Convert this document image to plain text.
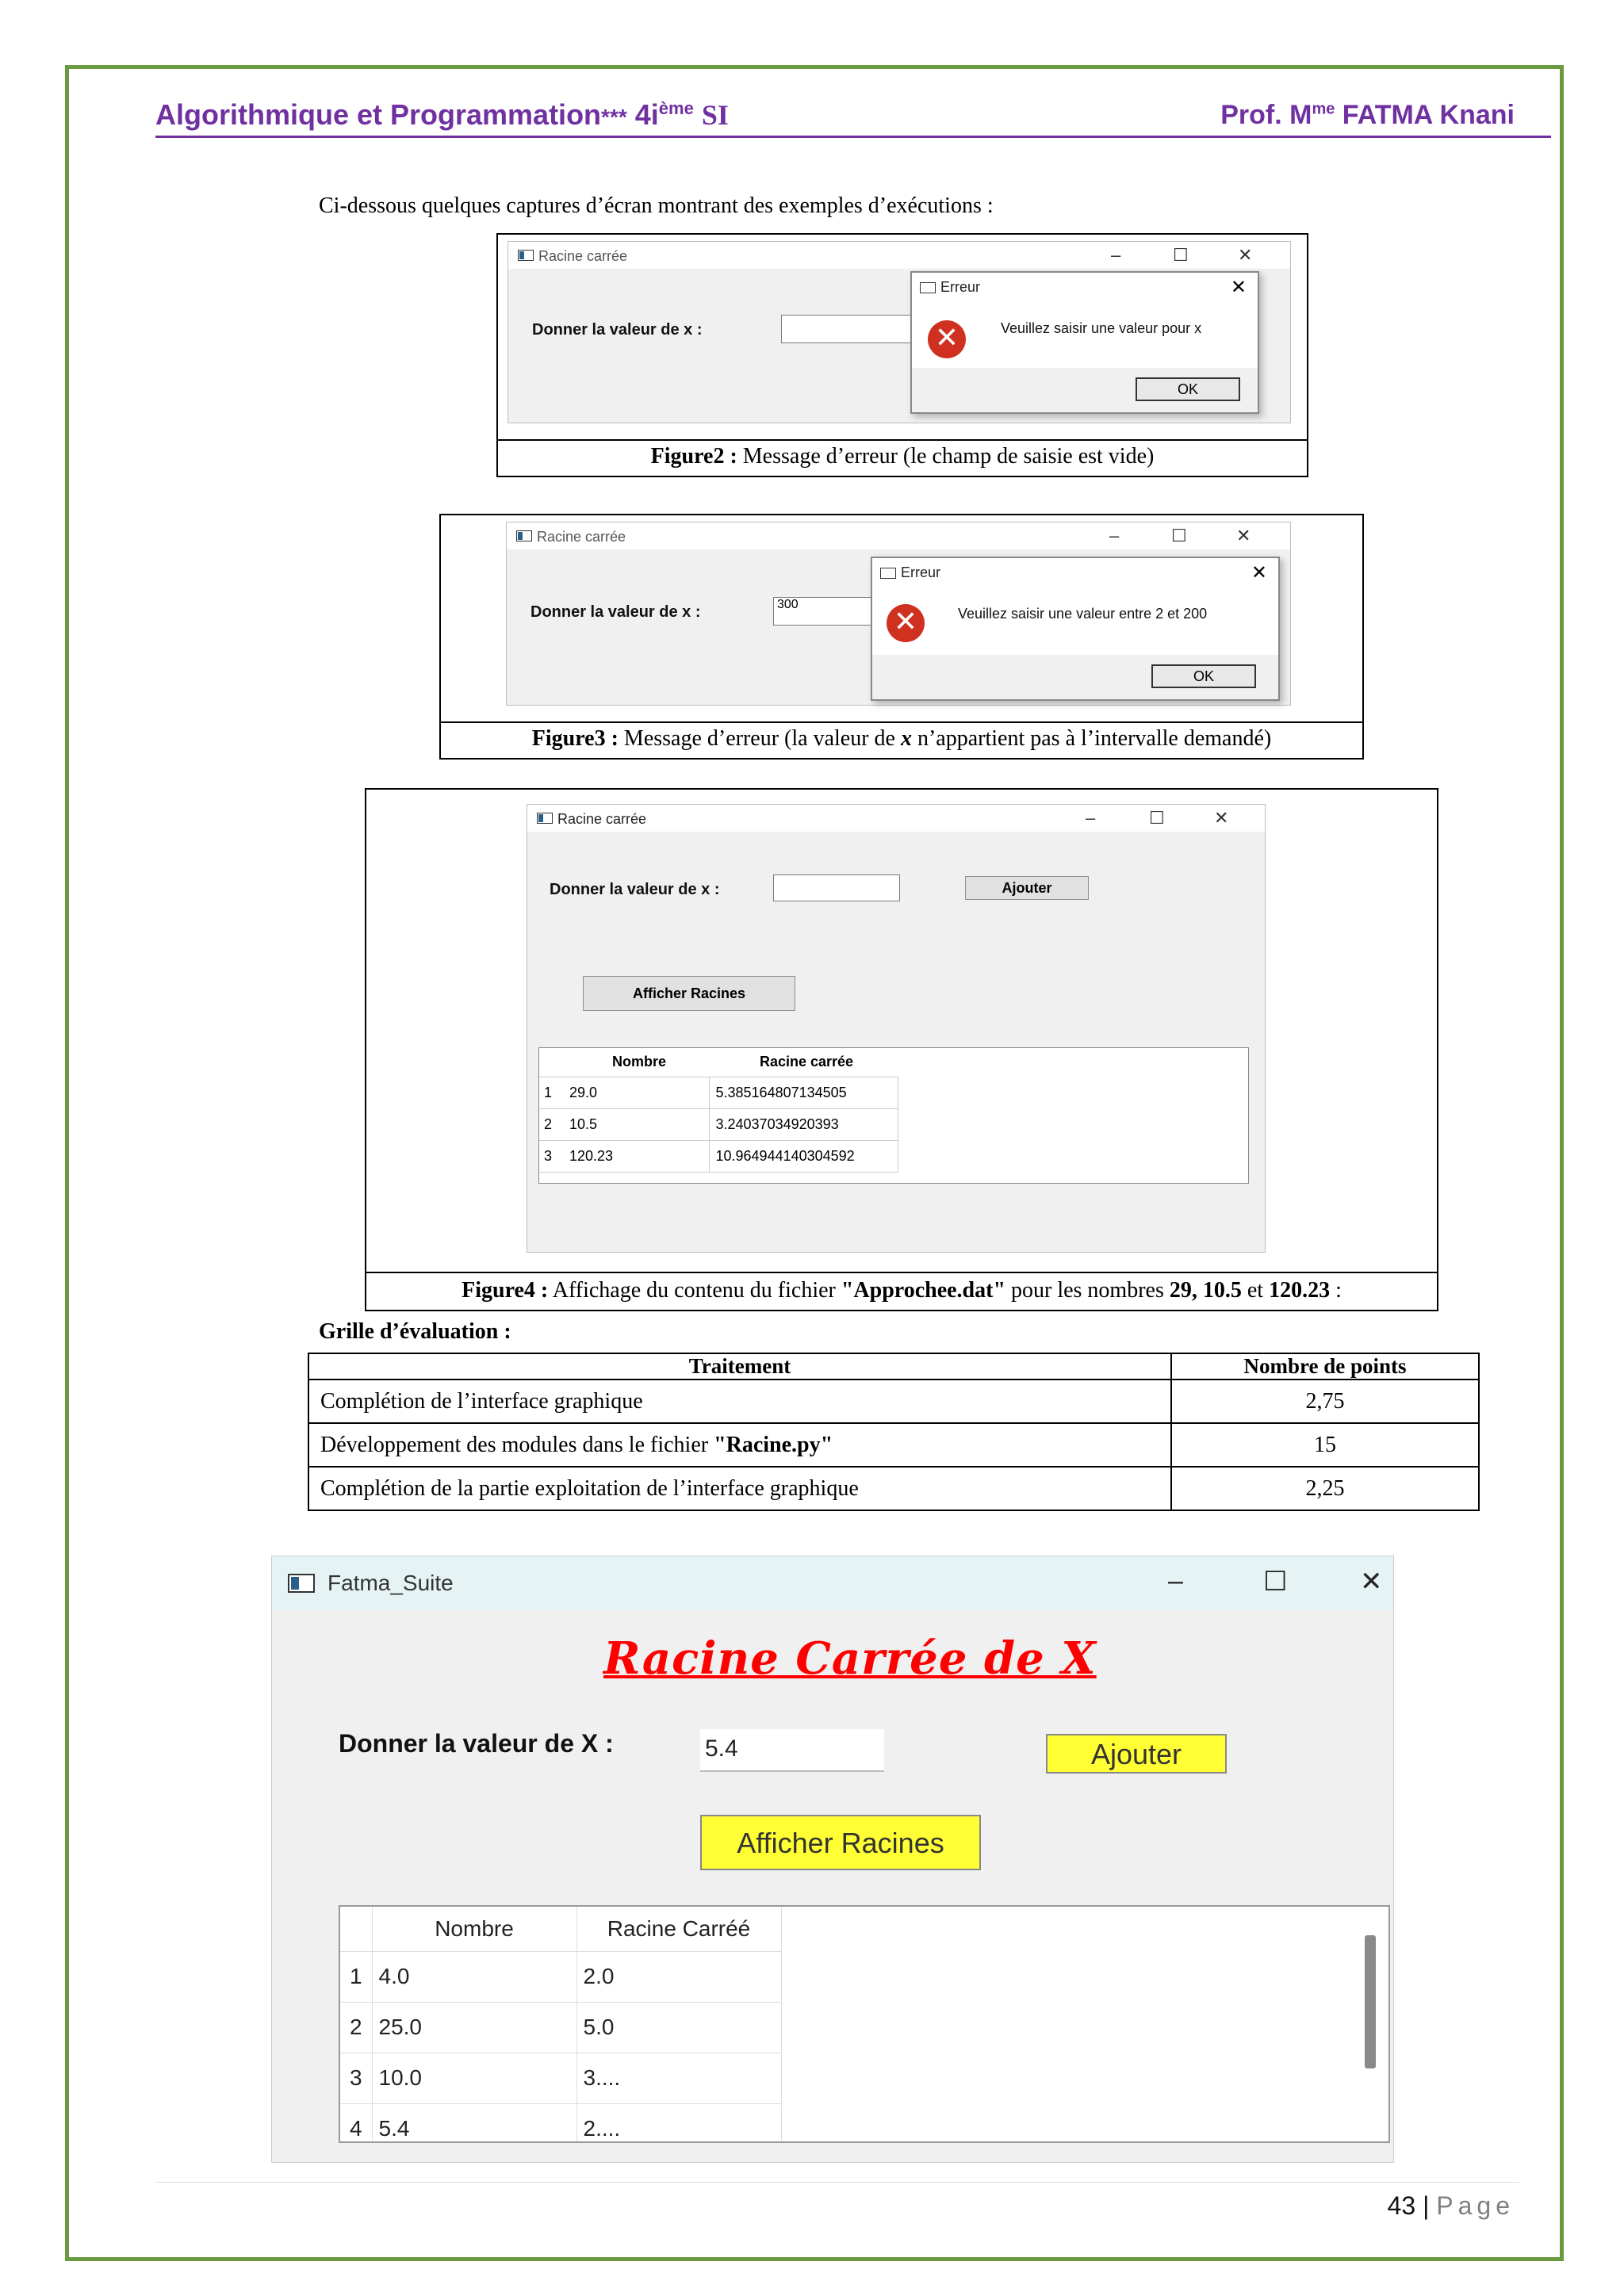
Algorithmique et Programmation*** $4i^{ème}$ SI	Prof. $M^{me}$ FATMA Knani
Ci-dessous quelques captures d’écran montrant des exemples d’exécutions :
Racine carrée	–	☐	✕
Donner la valeur de x :
Erreur	✕
✕	Veuillez saisir une valeur pour x
OK
Figure2 : Message d’erreur (le champ de saisie est vide)
Racine carrée	–	☐	✕
Donner la valeur de x :	300
Erreur	✕
✕	Veuillez saisir une valeur entre 2 et 200
OK
Figure3 : Message d’erreur (la valeur de x n’appartient pas à l’intervalle demandé)
Racine carrée	–	☐	✕
Donner la valeur de x :	Ajouter
Afficher Racines
	Nombre	Racine carrée
1	29.0	5.385164807134505
2	10.5	3.24037034920393
3	120.23	10.964944140304592
Figure4 : Affichage du contenu du fichier "Approchee.dat" pour les nombres 29, 10.5 et 120.23 :
Grille d’évaluation :
Traitement	Nombre de points
Complétion de l’interface graphique	2,75
Développement des modules dans le fichier "Racine.py"	15
Complétion de la partie exploitation de l’interface graphique	2,25
Fatma_Suite	–	☐	✕
Racine Carrée de X
Donner la valeur de X :	5.4	Ajouter
Afficher Racines
	Nombre	Racine Carréé
1	4.0	2.0
2	25.0	5.0
3	10.0	3....
4	5.4	2....
43 | Page
